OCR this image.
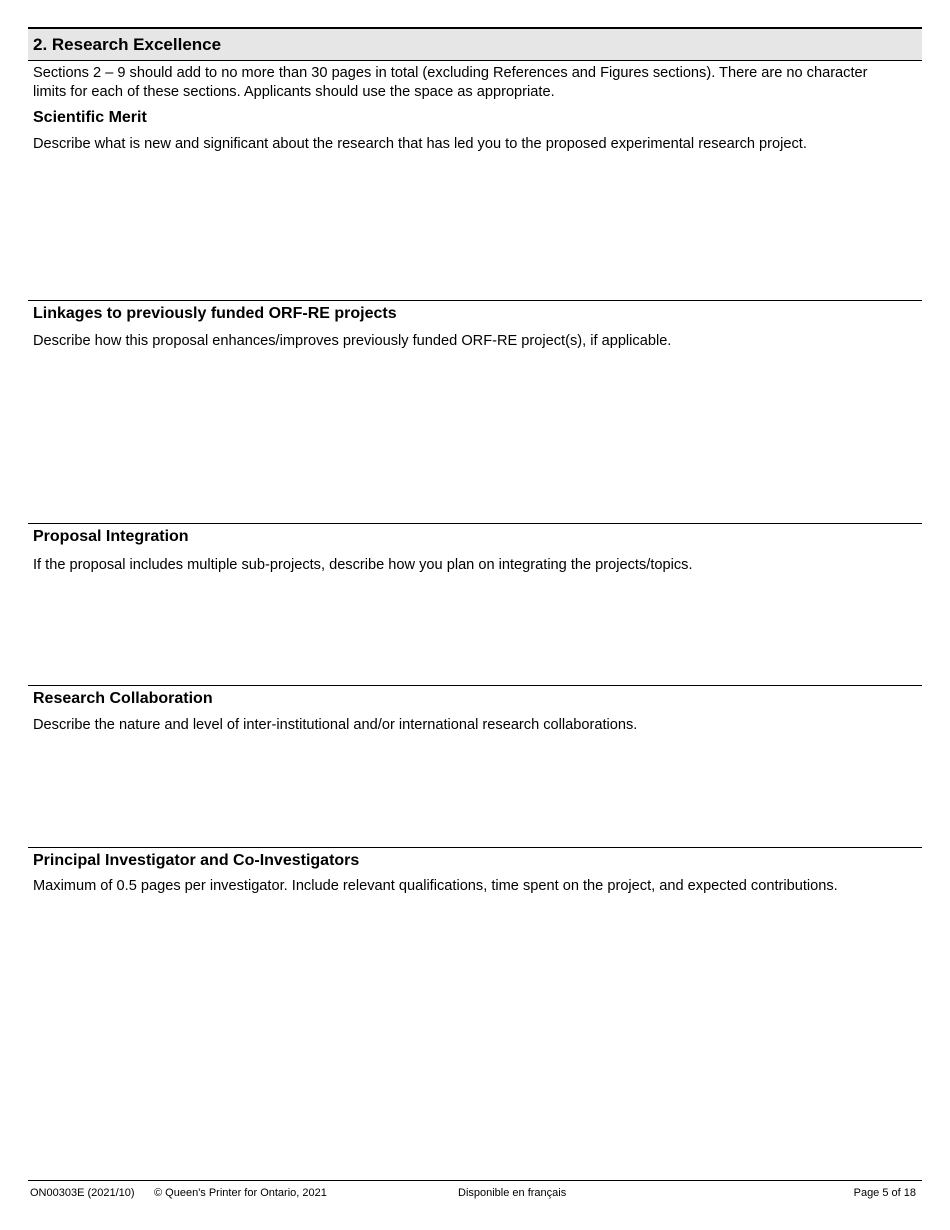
2. Research Excellence
Sections 2 – 9 should add to no more than 30 pages in total (excluding References and Figures sections). There are no character limits for each of these sections. Applicants should use the space as appropriate.
Scientific Merit
Describe what is new and significant about the research that has led you to the proposed experimental research project.
Linkages to previously funded ORF-RE projects
Describe how this proposal enhances/improves previously funded ORF-RE project(s), if applicable.
Proposal Integration
If the proposal includes multiple sub-projects, describe how you plan on integrating the projects/topics.
Research Collaboration
Describe the nature and level of inter-institutional and/or international research collaborations.
Principal Investigator and Co-Investigators
Maximum of 0.5 pages per investigator. Include relevant qualifications, time spent on the project, and expected contributions.
ON00303E (2021/10) © Queen's Printer for Ontario, 2021	Disponible en français	Page 5 of 18
